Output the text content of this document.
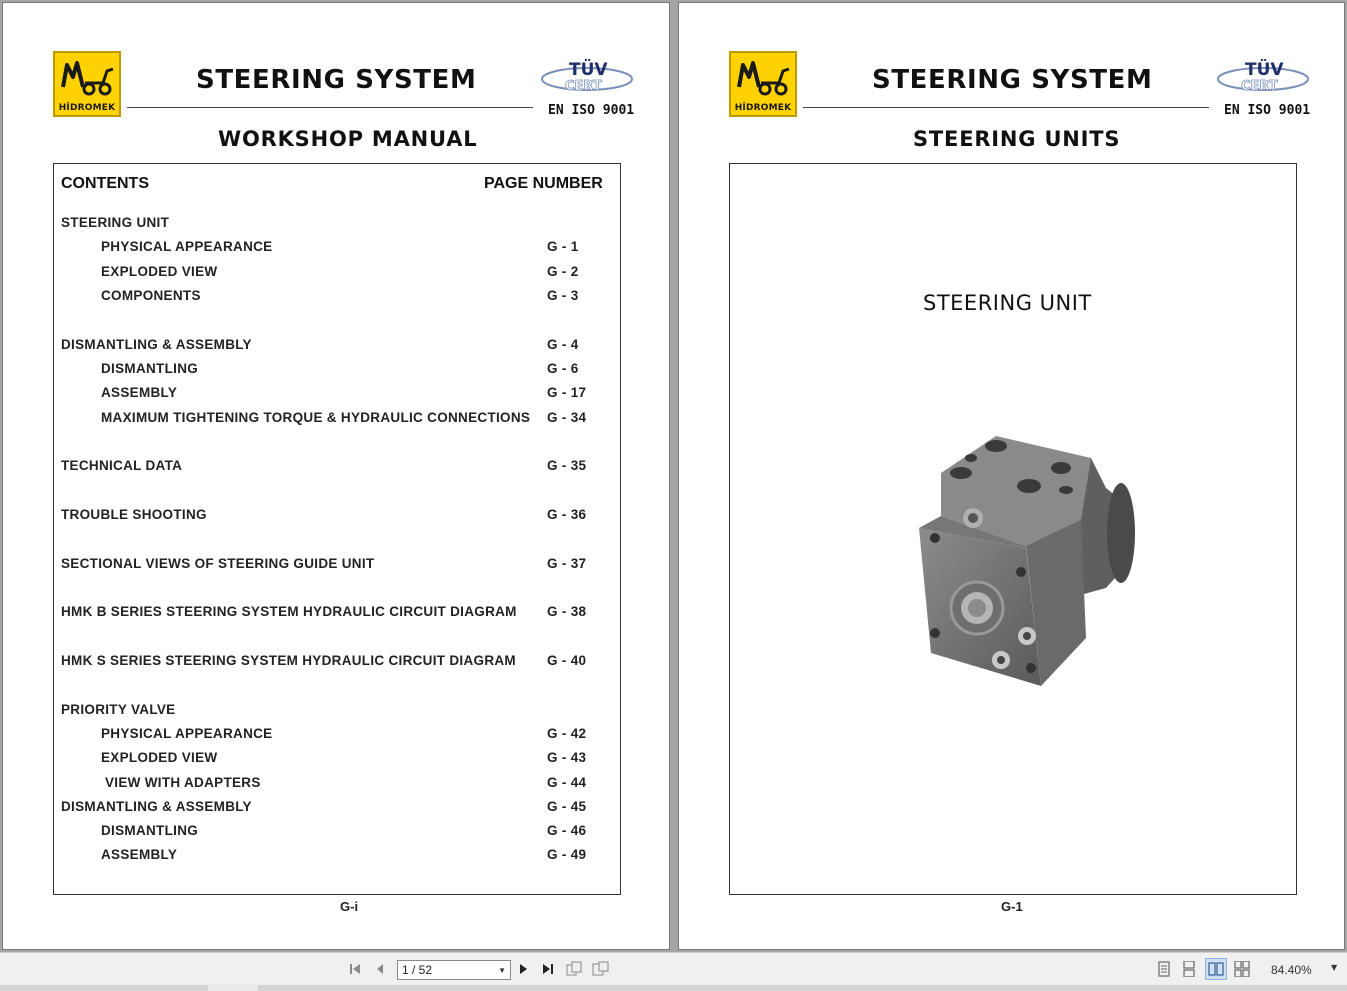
HİDROMEK
STEERING SYSTEM	TÜV
CERT
EN ISO 9001
WORKSHOP MANUAL
CONTENTS	PAGE NUMBER
STEERING UNIT
PHYSICAL APPEARANCE	G - 1
EXPLODED VIEW	G - 2
COMPONENTS	G - 3
DISMANTLING & ASSEMBLY	G - 4
DISMANTLING	G - 6
ASSEMBLY	G - 17
MAXIMUM TIGHTENING TORQUE & HYDRAULIC CONNECTIONS G - 34
TECHNICAL DATA	G - 35
TROUBLE SHOOTING	G - 36
SECTIONAL VIEWS OF STEERING GUIDE UNIT	G - 37
HMK B SERIES STEERING SYSTEM HYDRAULIC CIRCUIT DIAGRAM G - 38
HMK S SERIES STEERING SYSTEM HYDRAULIC CIRCUIT DIAGRAM G - 40
PRIORITY VALVE
PHYSICAL APPEARANCE	G - 42
EXPLODED VIEW	G - 43
VIEW WITH ADAPTERS	G - 44
DISMANTLING & ASSEMBLY	G - 45
DISMANTLING	G - 46
ASSEMBLY	G - 49
G-i
HİDROMEK
STEERING SYSTEM	TÜV
CERT
EN ISO 9001
STEERING UNITS
STEERING UNIT
G-1
1 / 52	▼	84.40% ▼
